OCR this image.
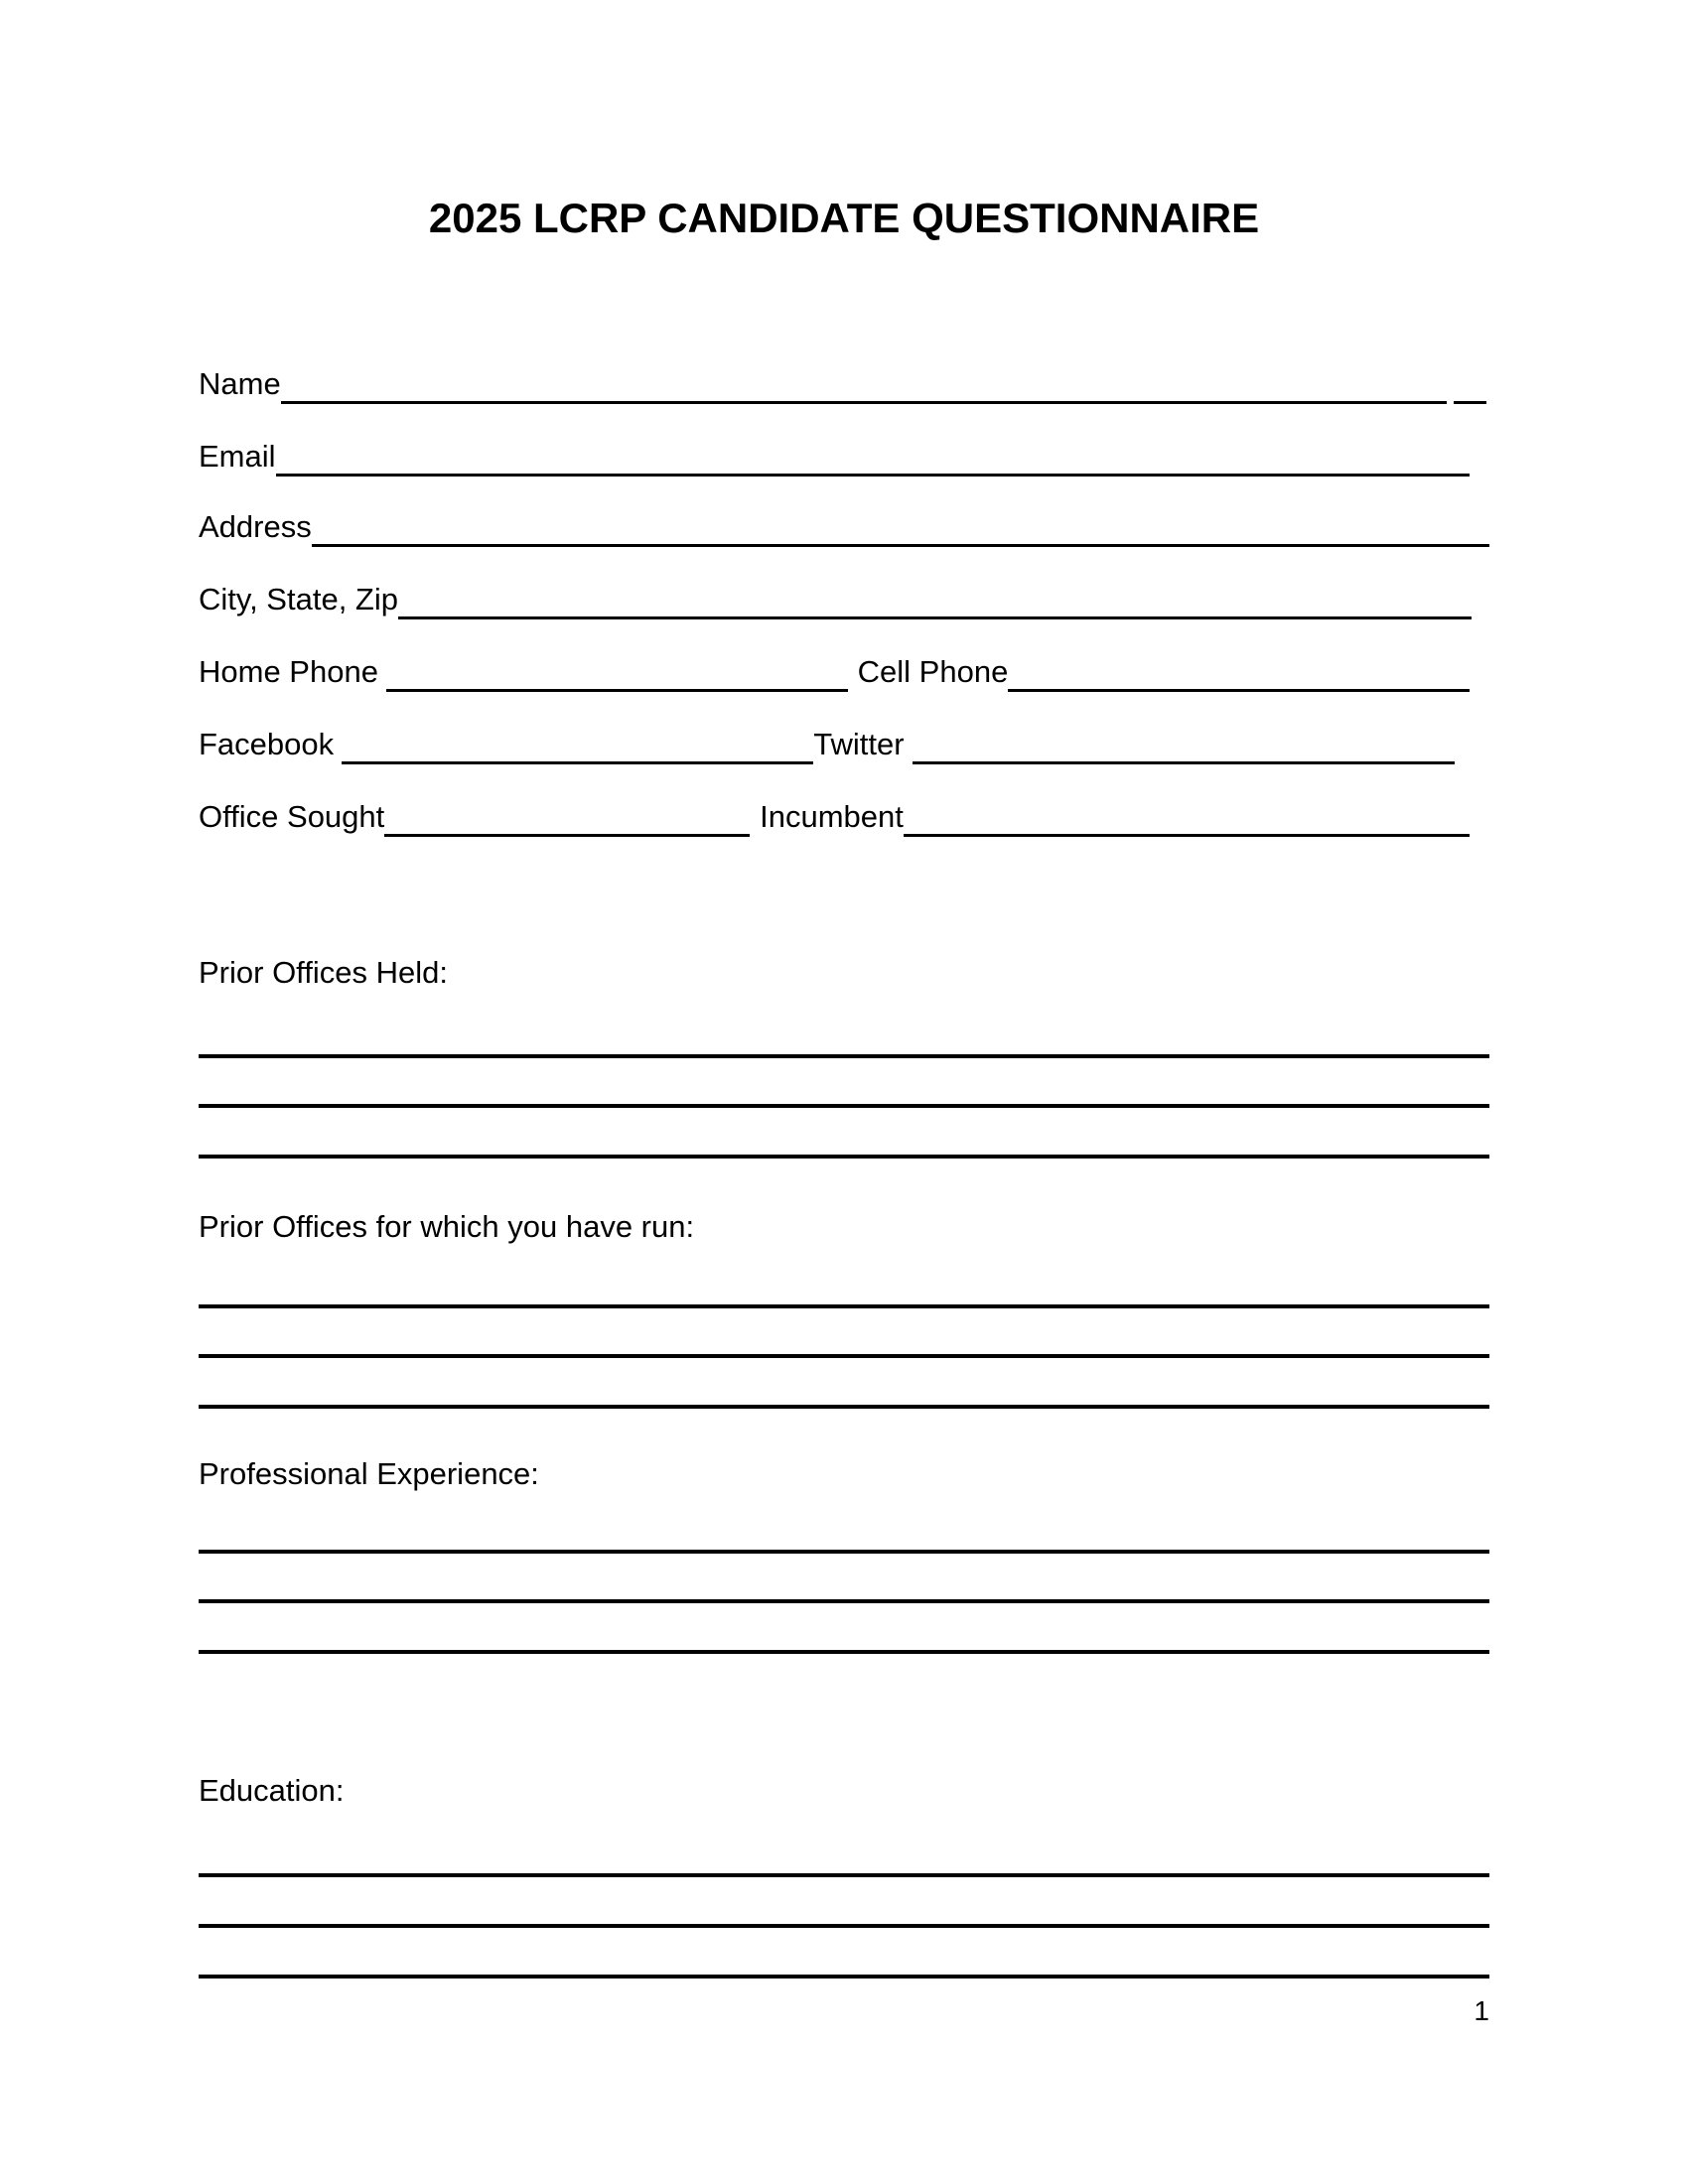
2025 LCRP CANDIDATE QUESTIONNAIRE
Name
Email
Address
City, State, Zip
Home Phone	Cell Phone
Facebook	Twitter
Office Sought	Incumbent
Prior Offices Held:
Prior Offices for which you have run:
Professional Experience:
Education:
1
